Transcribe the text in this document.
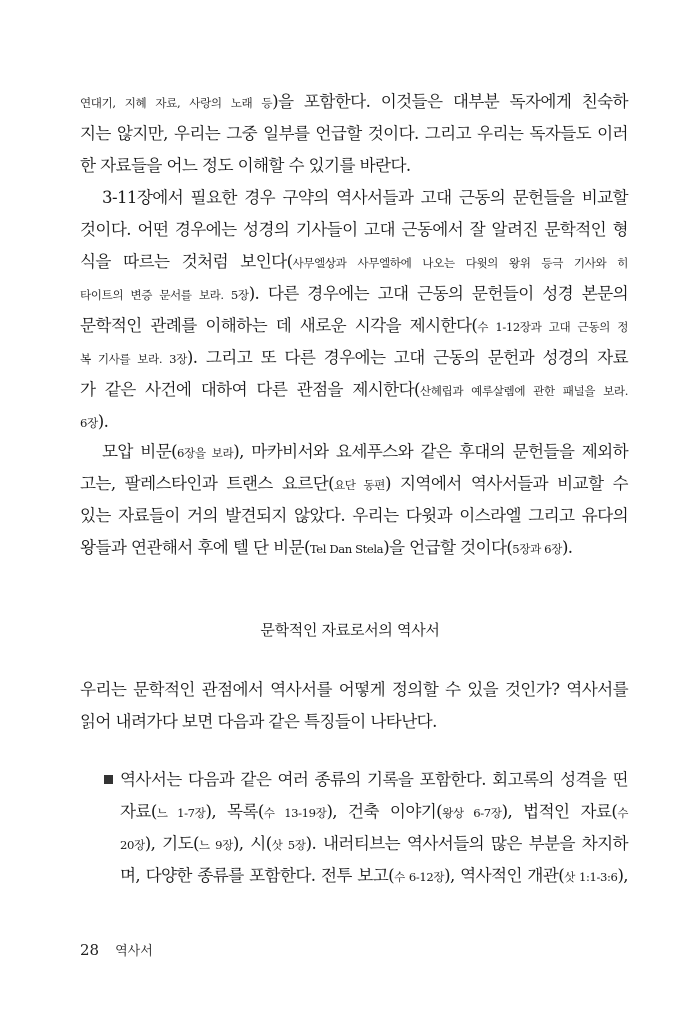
연대기, 지혜 자료, 사랑의 노래 등)을 포함한다. 이것들은 대부분 독자에게 친숙하
지는 않지만, 우리는 그중 일부를 언급할 것이다. 그리고 우리는 독자들도 이러
한 자료들을 어느 정도 이해할 수 있기를 바란다.
3-11장에서 필요한 경우 구약의 역사서들과 고대 근동의 문헌들을 비교할
것이다. 어떤 경우에는 성경의 기사들이 고대 근동에서 잘 알려진 문학적인 형
식을 따르는 것처럼 보인다(사무엘상과 사무엘하에 나오는 다윗의 왕위 등극 기사와 히
타이트의 변증 문서를 보라. 5장). 다른 경우에는 고대 근동의 문헌들이 성경 본문의
문학적인 관례를 이해하는 데 새로운 시각을 제시한다(수 1-12장과 고대 근동의 정
복 기사를 보라. 3장). 그리고 또 다른 경우에는 고대 근동의 문헌과 성경의 자료
가 같은 사건에 대하여 다른 관점을 제시한다(산헤립과 예루살렘에 관한 패널을 보라.
6장).
모압 비문(6장을 보라), 마카비서와 요세푸스와 같은 후대의 문헌들을 제외하
고는, 팔레스타인과 트랜스 요르단(요단 동편) 지역에서 역사서들과 비교할 수
있는 자료들이 거의 발견되지 않았다. 우리는 다윗과 이스라엘 그리고 유다의
왕들과 연관해서 후에 텔 단 비문(Tel Dan Stela)을 언급할 것이다(5장과 6장).
문학적인 자료로서의 역사서
우리는 문학적인 관점에서 역사서를 어떻게 정의할 수 있을 것인가? 역사서를
읽어 내려가다 보면 다음과 같은 특징들이 나타난다.
역사서는 다음과 같은 여러 종류의 기록을 포함한다. 회고록의 성격을 띤
자료(느 1-7장), 목록(수 13-19장), 건축 이야기(왕상 6-7장), 법적인 자료(수
20장), 기도(느 9장), 시(삿 5장). 내러티브는 역사서들의 많은 부분을 차지하
며, 다양한 종류를 포함한다. 전투 보고(수 6-12장), 역사적인 개관(삿 1:1-3:6),
28 역사서
